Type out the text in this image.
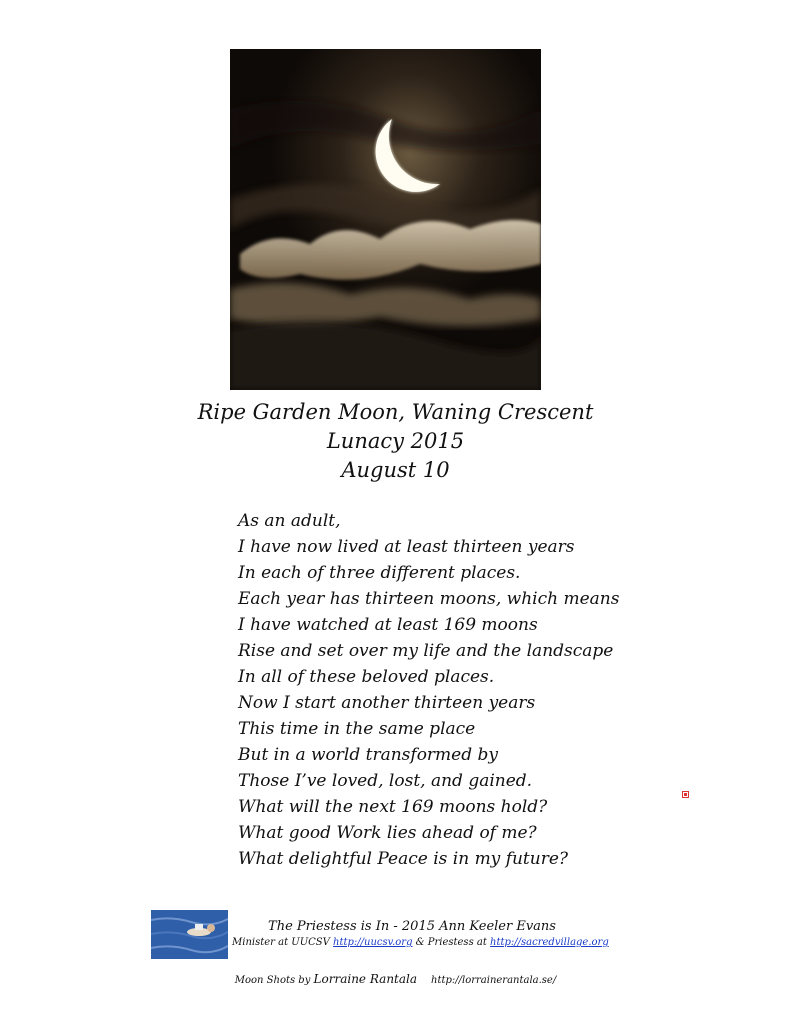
Ripe Garden Moon, Waning Crescent
Lunacy 2015
August 10
As an adult,
I have now lived at least thirteen years
In each of three different places.
Each year has thirteen moons, which means
I have watched at least 169 moons
Rise and set over my life and the landscape
In all of these beloved places.
Now I start another thirteen years
This time in the same place
But in a world transformed by
Those I’ve loved, lost, and gained.
What will the next 169 moons hold?
What good Work lies ahead of me?
What delightful Peace is in my future?
The Priestess is In - 2015 Ann Keeler Evans
Minister at UUCSV http://uucsv.org & Priestess at http://sacredvillage.org
Moon Shots by Lorraine Rantala http://lorrainerantala.se/
